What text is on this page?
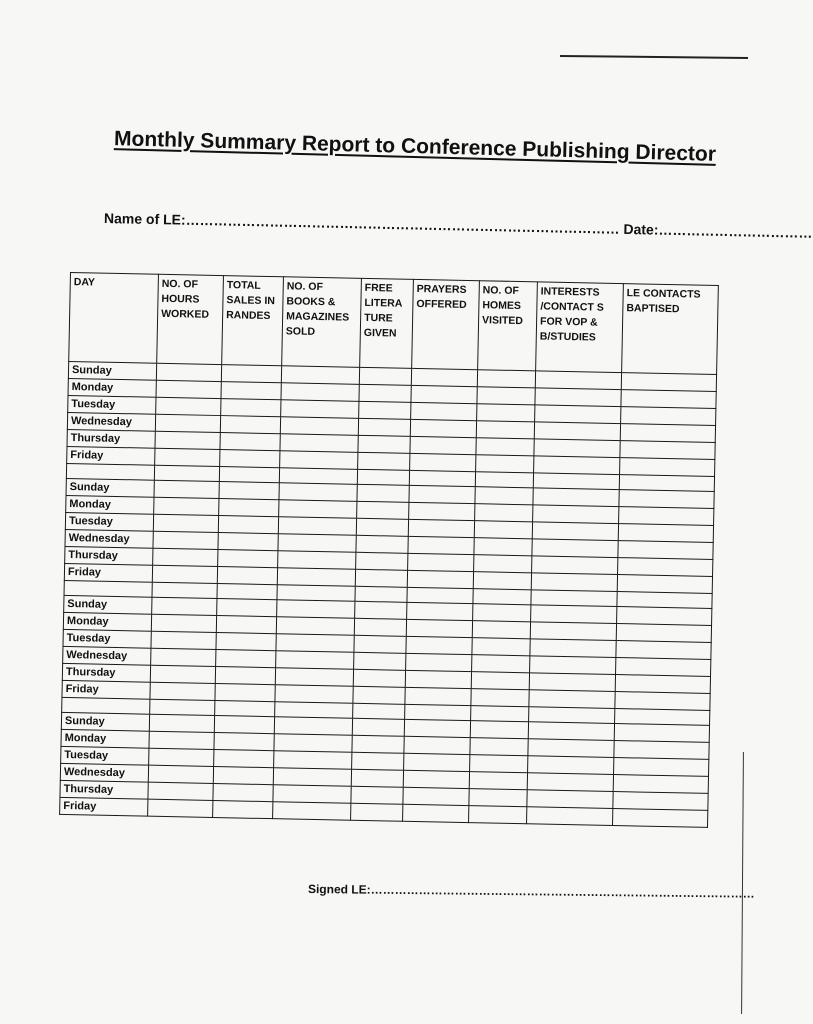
Monthly Summary Report to Conference Publishing Director
Name of LE:………………………………………………………………………………… Date:……………………………
DAY	NO. OF HOURS WORKED	TOTAL SALES IN RANDES	NO. OF BOOKS & MAGAZINES SOLD	FREE LITERA TURE GIVEN	PRAYERS OFFERED	NO. OF HOMES VISITED	INTERESTS /CONTACT S FOR VOP & B/STUDIES	LE CONTACTS BAPTISED
Sunday								
Monday								
Tuesday								
Wednesday								
Thursday								
Friday								

Sunday								
Monday								
Tuesday								
Wednesday								
Thursday								
Friday								

Sunday								
Monday								
Tuesday								
Wednesday								
Thursday								
Friday								

Sunday								
Monday								
Tuesday								
Wednesday								
Thursday								
Friday								
Signed LE:……………………………………………………………………………………
